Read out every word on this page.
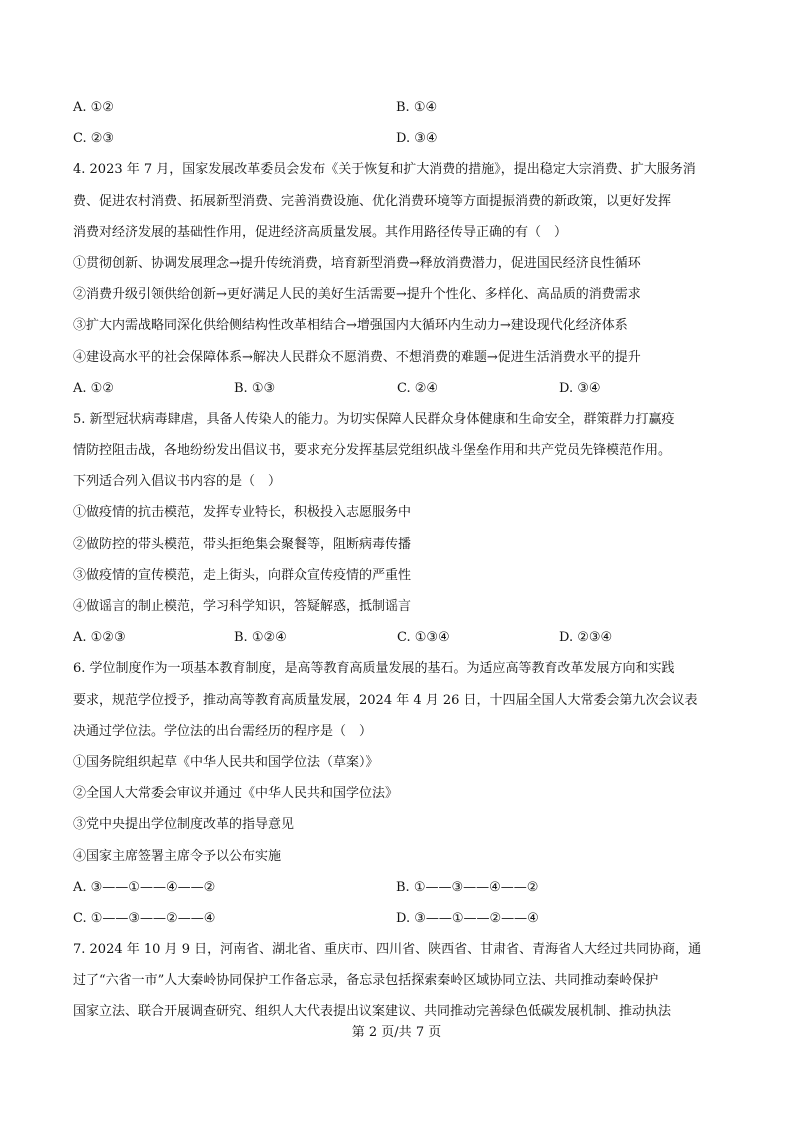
A. ①②	B. ①④
C. ②③	D. ③④
4. 2023 年 7 月，国家发展改革委员会发布《关于恢复和扩大消费的措施》，提出稳定大宗消费、扩大服务消
费、促进农村消费、拓展新型消费、完善消费设施、优化消费环境等方面提振消费的新政策，以更好发挥
消费对经济发展的基础性作用，促进经济高质量发展。其作用路径传导正确的有（　）
①贯彻创新、协调发展理念→提升传统消费，培育新型消费→释放消费潜力，促进国民经济良性循环
②消费升级引领供给创新→更好满足人民的美好生活需要→提升个性化、多样化、高品质的消费需求
③扩大内需战略同深化供给侧结构性改革相结合→增强国内大循环内生动力→建设现代化经济体系
④建设高水平的社会保障体系→解决人民群众不愿消费、不想消费的难题→促进生活消费水平的提升
A. ①②	B. ①③	C. ②④	D. ③④
5. 新型冠状病毒肆虐，具备人传染人的能力。为切实保障人民群众身体健康和生命安全，群策群力打赢疫
情防控阻击战，各地纷纷发出倡议书，要求充分发挥基层党组织战斗堡垒作用和共产党员先锋模范作用。
下列适合列入倡议书内容的是（　）
①做疫情的抗击模范，发挥专业特长，积极投入志愿服务中
②做防控的带头模范，带头拒绝集会聚餐等，阻断病毒传播
③做疫情的宣传模范，走上街头，向群众宣传疫情的严重性
④做谣言的制止模范，学习科学知识，答疑解惑，抵制谣言
A. ①②③	B. ①②④	C. ①③④	D. ②③④
6. 学位制度作为一项基本教育制度，是高等教育高质量发展的基石。为适应高等教育改革发展方向和实践
要求，规范学位授予，推动高等教育高质量发展，2024 年 4 月 26 日，十四届全国人大常委会第九次会议表
决通过学位法。学位法的出台需经历的程序是（　）
①国务院组织起草《中华人民共和国学位法（草案）》
②全国人大常委会审议并通过《中华人民共和国学位法》
③党中央提出学位制度改革的指导意见
④国家主席签署主席令予以公布实施
A. ③——①——④——②	B. ①——③——④——②
C. ①——③——②——④	D. ③——①——②——④
7. 2024 年 10 月 9 日，河南省、湖北省、重庆市、四川省、陕西省、甘肃省、青海省人大经过共同协商，通
过了“六省一市”人大秦岭协同保护工作备忘录，备忘录包括探索秦岭区域协同立法、共同推动秦岭保护
国家立法、联合开展调查研究、组织人大代表提出议案建议、共同推动完善绿色低碳发展机制、推动执法
第 2 页/共 7 页
